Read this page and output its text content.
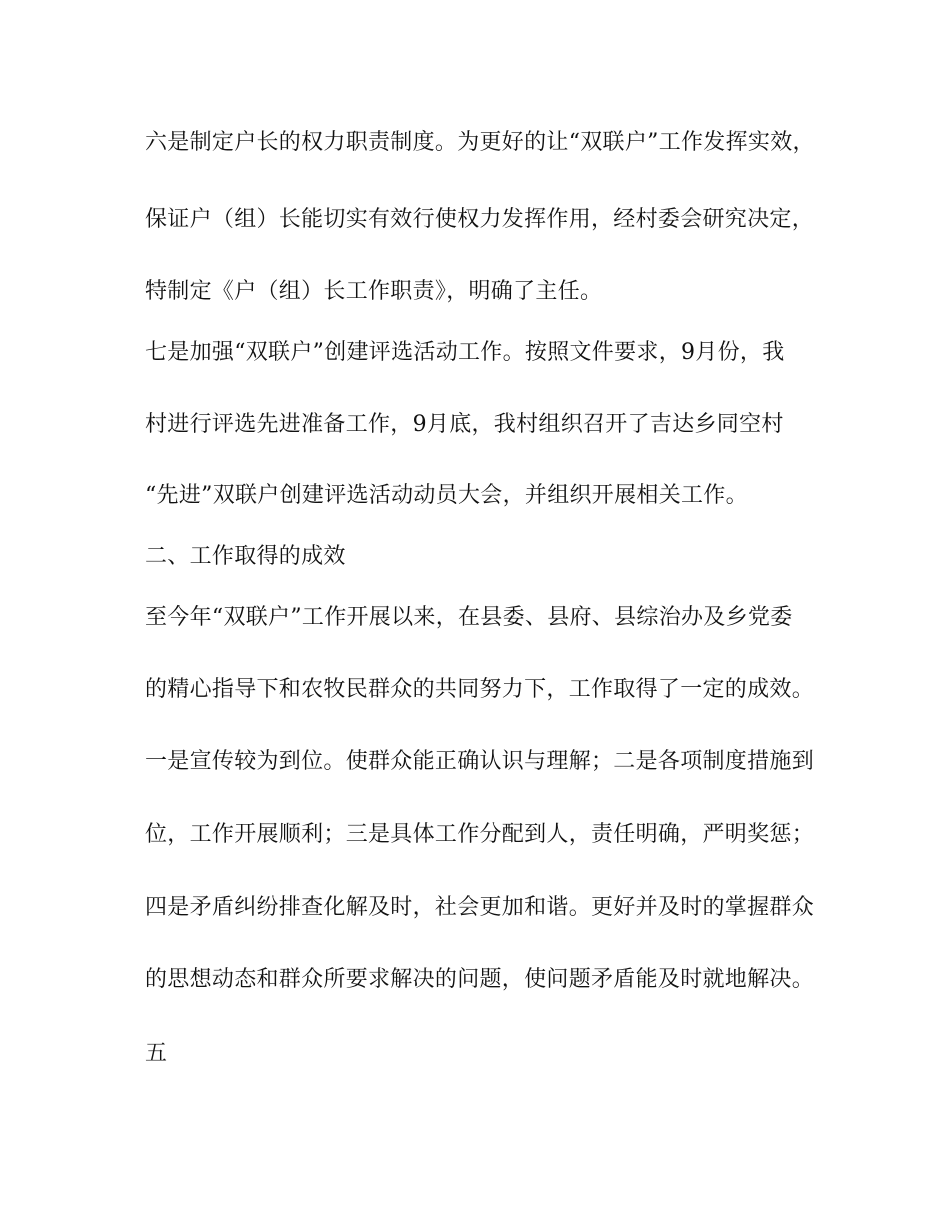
六是制定户长的权力职责制度。为更好的让“双联户”工作发挥实效，
保证户（组）长能切实有效行使权力发挥作用，经村委会研究决定，
特制定《户（组）长工作职责》，明确了主任。
七是加强“双联户”创建评选活动工作。按照文件要求，9月份，我
村进行评选先进准备工作，9月底，我村组织召开了吉达乡同空村
“先进”双联户创建评选活动动员大会，并组织开展相关工作。
二、工作取得的成效
至今年“双联户”工作开展以来，在县委、县府、县综治办及乡党委
的精心指导下和农牧民群众的共同努力下，工作取得了一定的成效。
一是宣传较为到位。使群众能正确认识与理解；二是各项制度措施到
位，工作开展顺利；三是具体工作分配到人，责任明确，严明奖惩；
四是矛盾纠纷排查化解及时，社会更加和谐。更好并及时的掌握群众
的思想动态和群众所要求解决的问题，使问题矛盾能及时就地解决。
五
